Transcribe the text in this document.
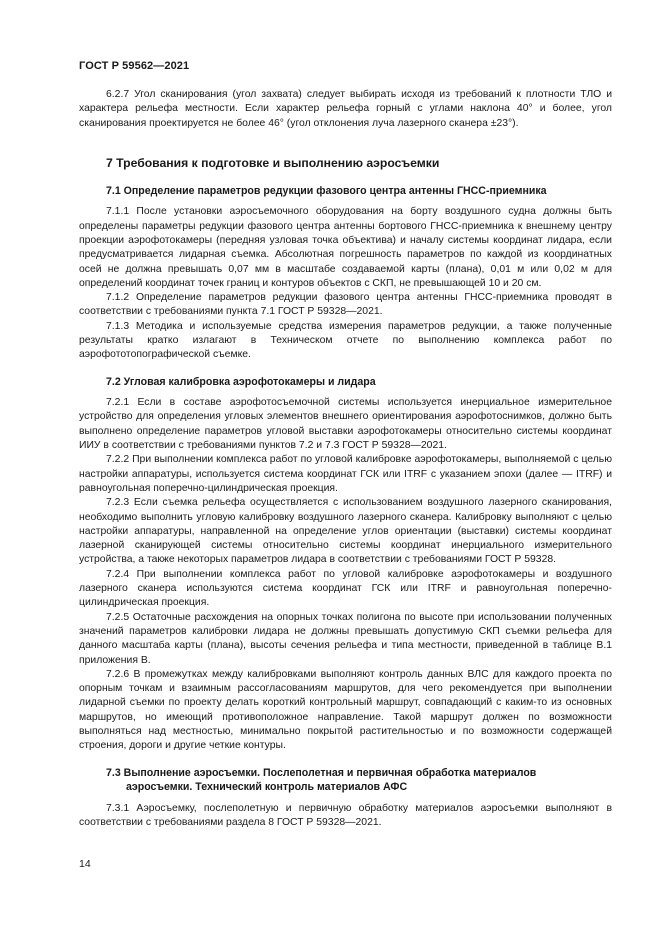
ГОСТ Р 59562—2021

6.2.7 Угол сканирования (угол захвата) следует выбирать исходя из требований к плотности ТЛО и характера рельефа местности. Если характер рельефа горный с углами наклона 40° и более, угол сканирования проектируется не более 46° (угол отклонения луча лазерного сканера ±23°).

7 Требования к подготовке и выполнению аэросъемки

7.1 Определение параметров редукции фазового центра антенны ГНСС-приемника

7.1.1 После установки аэросъемочного оборудования на борту воздушного судна должны быть определены параметры редукции фазового центра антенны бортового ГНСС-приемника к внешнему центру проекции аэрофотокамеры (передняя узловая точка объектива) и началу системы координат лидара, если предусматривается лидарная съемка. Абсолютная погрешность параметров по каждой из координатных осей не должна превышать 0,07 мм в масштабе создаваемой карты (плана), 0,01 м или 0,02 м для определений координат точек границ и контуров объектов с СКП, не превышающей 10 и 20 см.

7.1.2 Определение параметров редукции фазового центра антенны ГНСС-приемника проводят в соответствии с требованиями пункта 7.1 ГОСТ Р 59328—2021.

7.1.3 Методика и используемые средства измерения параметров редукции, а также полученные результаты кратко излагают в Техническом отчете по выполнению комплекса работ по аэрофототопографической съемке.

7.2 Угловая калибровка аэрофотокамеры и лидара

7.2.1 Если в составе аэрофотосъемочной системы используется инерциальное измерительное устройство для определения угловых элементов внешнего ориентирования аэрофотоснимков, должно быть выполнено определение параметров угловой выставки аэрофотокамеры относительно системы координат ИИУ в соответствии с требованиями пунктов 7.2 и 7.3 ГОСТ Р 59328—2021.

7.2.2 При выполнении комплекса работ по угловой калибровке аэрофотокамеры, выполняемой с целью настройки аппаратуры, используется система координат ГСК или ITRF с указанием эпохи (далее — ITRF) и равноугольная поперечно-цилиндрическая проекция.

7.2.3 Если съемка рельефа осуществляется с использованием воздушного лазерного сканирования, необходимо выполнить угловую калибровку воздушного лазерного сканера. Калибровку выполняют с целью настройки аппаратуры, направленной на определение углов ориентации (выставки) системы координат лазерной сканирующей системы относительно системы координат инерциального измерительного устройства, а также некоторых параметров лидара в соответствии с требованиями ГОСТ Р 59328.

7.2.4 При выполнении комплекса работ по угловой калибровке аэрофотокамеры и воздушного лазерного сканера используются система координат ГСК или ITRF и равноугольная поперечно-цилиндрическая проекция.

7.2.5 Остаточные расхождения на опорных точках полигона по высоте при использовании полученных значений параметров калибровки лидара не должны превышать допустимую СКП съемки рельефа для данного масштаба карты (плана), высоты сечения рельефа и типа местности, приведенной в таблице В.1 приложения В.

7.2.6 В промежутках между калибровками выполняют контроль данных ВЛС для каждого проекта по опорным точкам и взаимным рассогласованиям маршрутов, для чего рекомендуется при выполнении лидарной съемки по проекту делать короткий контрольный маршрут, совпадающий с каким-то из основных маршрутов, но имеющий противоположное направление. Такой маршрут должен по возможности выполняться над местностью, минимально покрытой растительностью и по возможности содержащей строения, дороги и другие четкие контуры.

7.3 Выполнение аэросъемки. Послеполетная и первичная обработка материалов
аэросъемки. Технический контроль материалов АФС

7.3.1 Аэросъемку, послеполетную и первичную обработку материалов аэросъемки выполняют в соответствии с требованиями раздела 8 ГОСТ Р 59328—2021.

14
